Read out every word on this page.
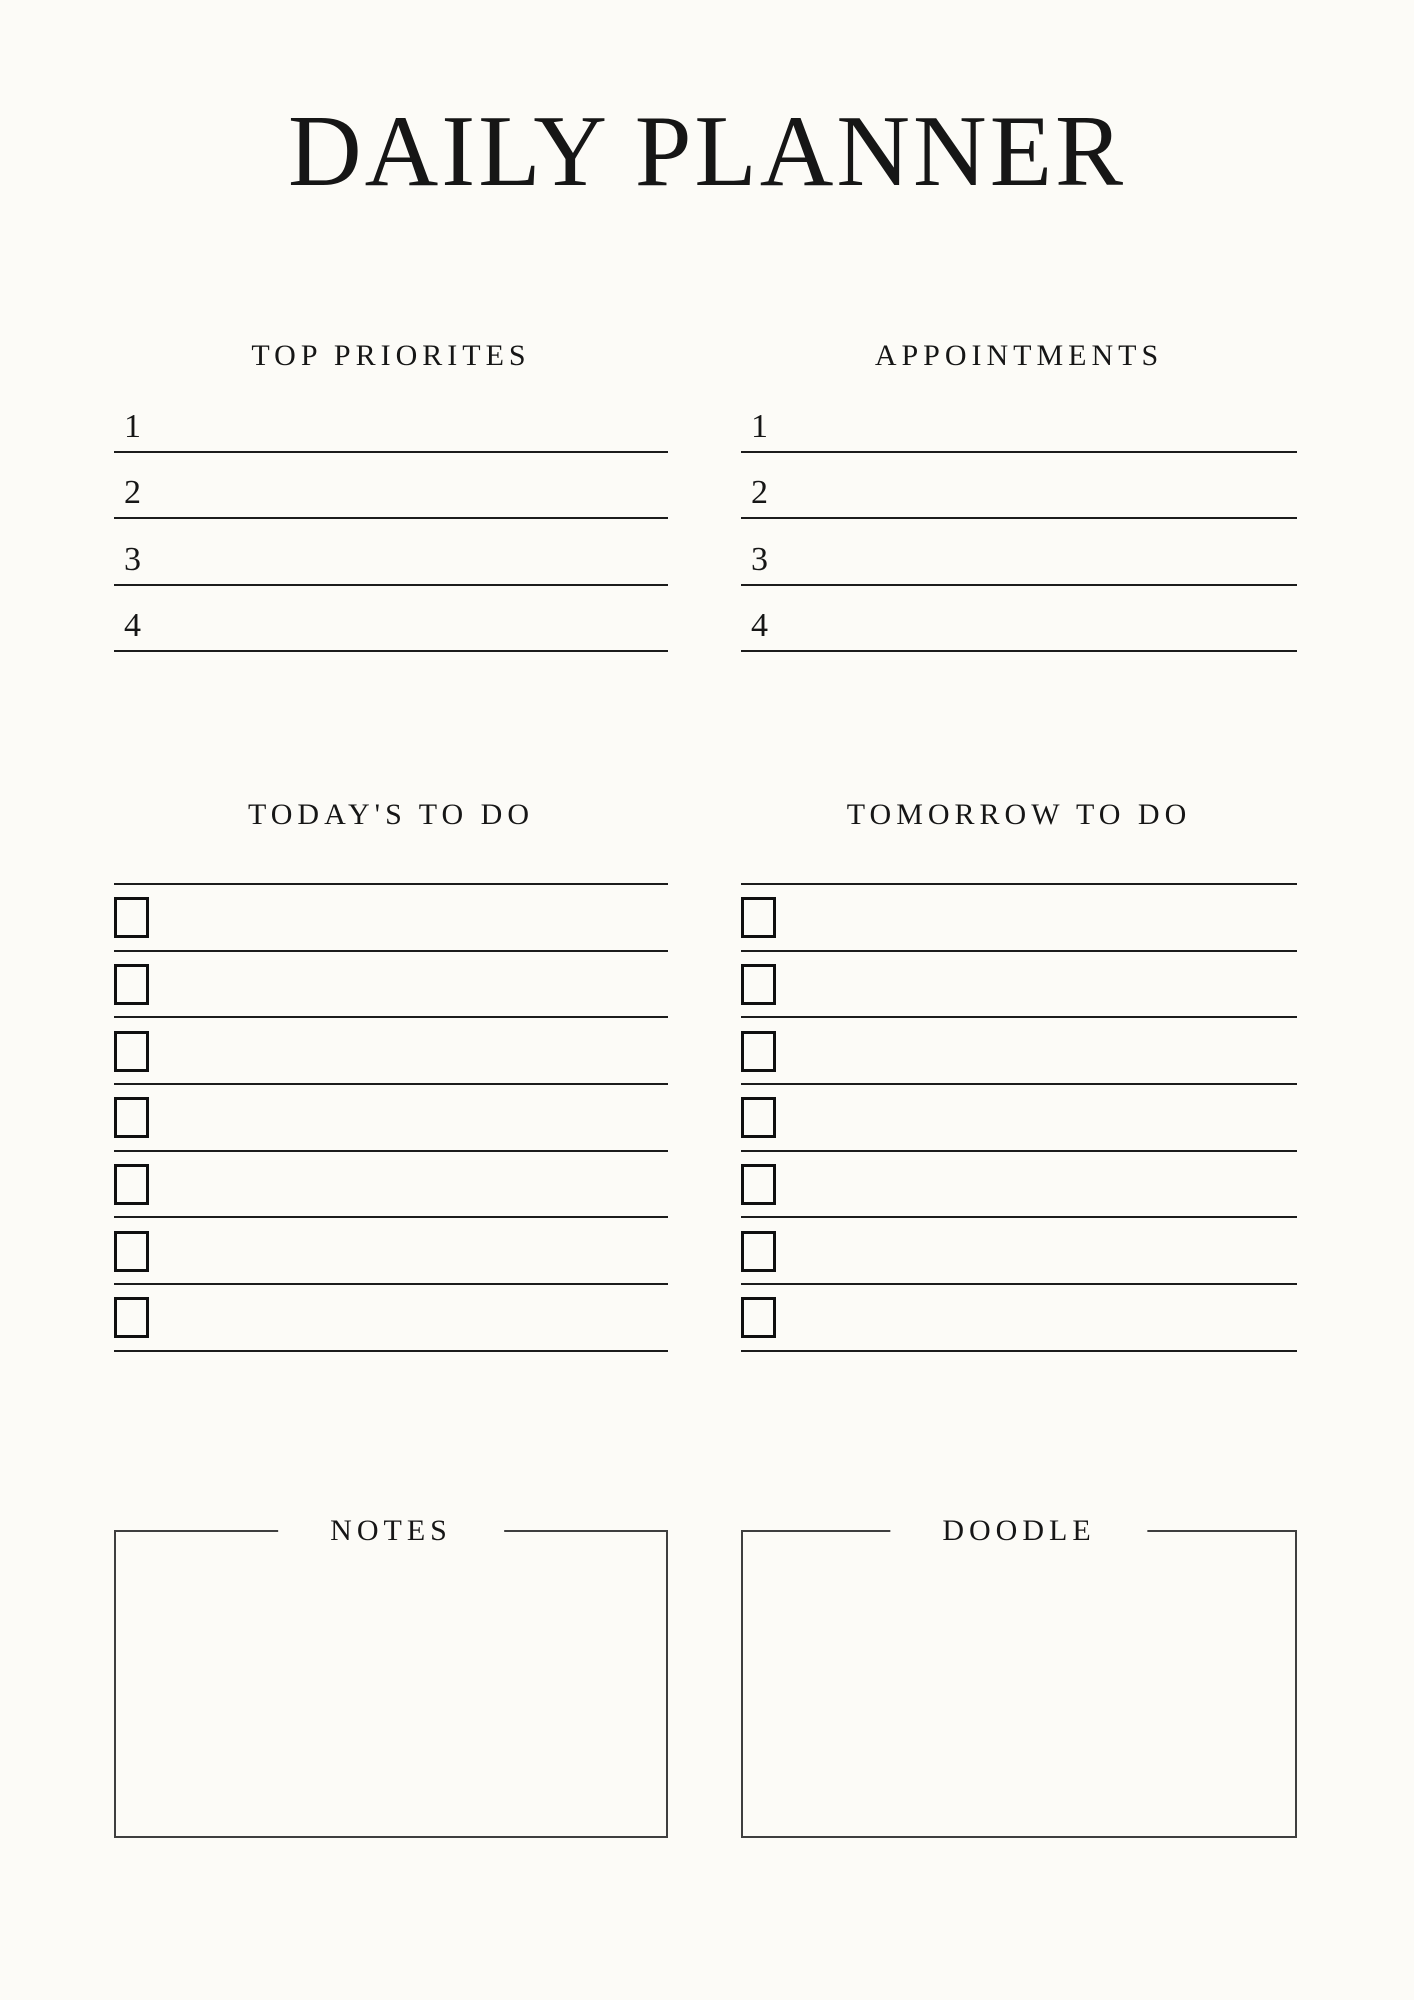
DAILY PLANNER
TOP PRIORITES	APPOINTMENTS
1
2
3
4
1
2
3
4
TODAY'S TO DO	TOMORROW TO DO
NOTES	DOODLE
